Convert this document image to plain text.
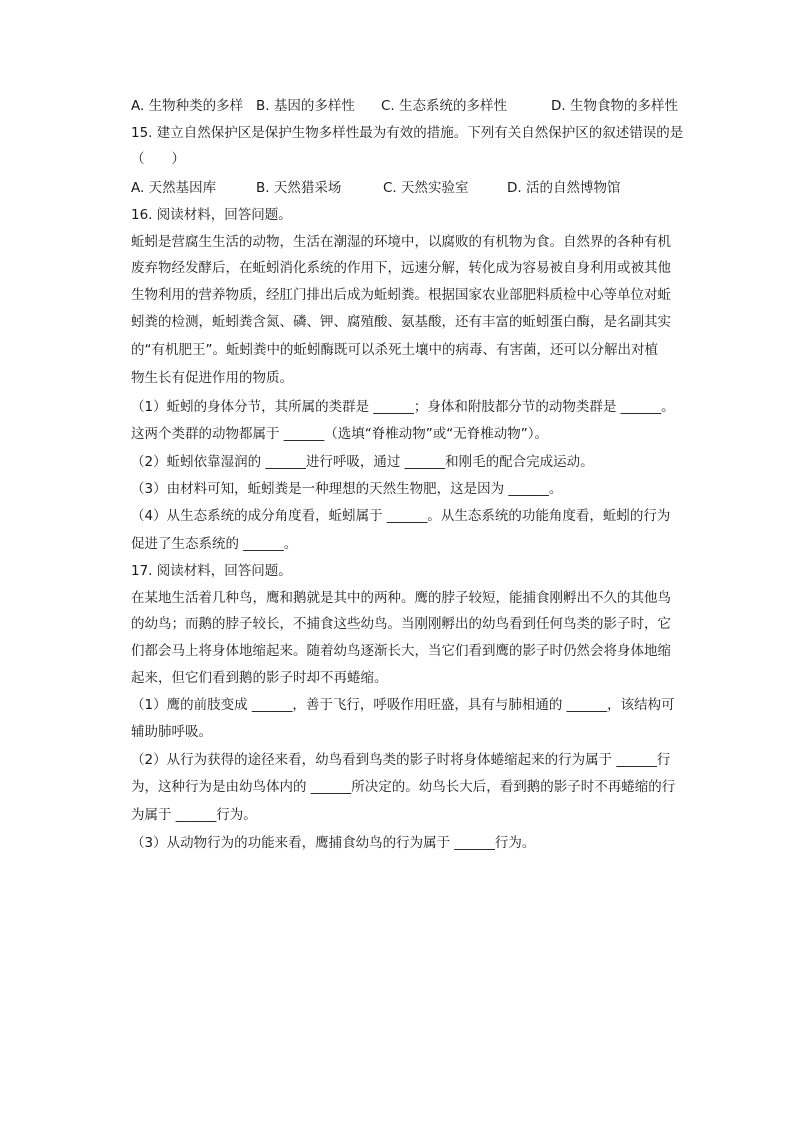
A. 生物种类的多样 B. 基因的多样性 C. 生态系统的多样性	D. 生物食物的多样性
15. 建立自然保护区是保护生物多样性最为有效的措施。下列有关自然保护区的叙述错误的是
（　　）
A. 天然基因库	B. 天然猎采场	C. 天然实验室	D. 活的自然博物馆
16. 阅读材料，回答问题。
蚯蚓是营腐生生活的动物，生活在潮湿的环境中，以腐败的有机物为食。自然界的各种有机
废弃物经发酵后，在蚯蚓消化系统的作用下，远速分解，转化成为容易被自身利用或被其他
生物利用的营养物质，经肛门排出后成为蚯蚓粪。根据国家农业部肥料质检中心等单位对蚯
蚓粪的检测，蚯蚓粪含氮、磷、钾、腐殖酸、氨基酸，还有丰富的蚯蚓蛋白酶，是名副其实
的“有机肥王”。蚯蚓粪中的蚯蚓酶既可以杀死土壤中的病毒、有害菌，还可以分解出对植
物生长有促进作用的物质。
（1）蚯蚓的身体分节，其所属的类群是 ______；身体和附肢都分节的动物类群是 ______。
这两个类群的动物都属于 ______（选填“脊椎动物”或“无脊椎动物”）。
（2）蚯蚓依靠湿润的 ______进行呼吸，通过 ______和刚毛的配合完成运动。
（3）由材料可知，蚯蚓粪是一种理想的天然生物肥，这是因为 ______。
（4）从生态系统的成分角度看，蚯蚓属于 ______。从生态系统的功能角度看，蚯蚓的行为
促进了生态系统的 ______。
17. 阅读材料，回答问题。
在某地生活着几种鸟，鹰和鹅就是其中的两种。鹰的脖子较短，能捕食刚孵出不久的其他鸟
的幼鸟；而鹅的脖子较长，不捕食这些幼鸟。当刚刚孵出的幼鸟看到任何鸟类的影子时，它
们都会马上将身体地缩起来。随着幼鸟逐渐长大，当它们看到鹰的影子时仍然会将身体地缩
起来，但它们看到鹅的影子时却不再蜷缩。
（1）鹰的前肢变成 ______，善于飞行，呼吸作用旺盛，具有与肺相通的 ______，该结构可
辅助肺呼吸。
（2）从行为获得的途径来看，幼鸟看到鸟类的影子时将身体蜷缩起来的行为属于 ______行
为，这种行为是由幼鸟体内的 ______所决定的。幼鸟长大后，看到鹅的影子时不再蜷缩的行
为属于 ______行为。
（3）从动物行为的功能来看，鹰捕食幼鸟的行为属于 ______行为。
